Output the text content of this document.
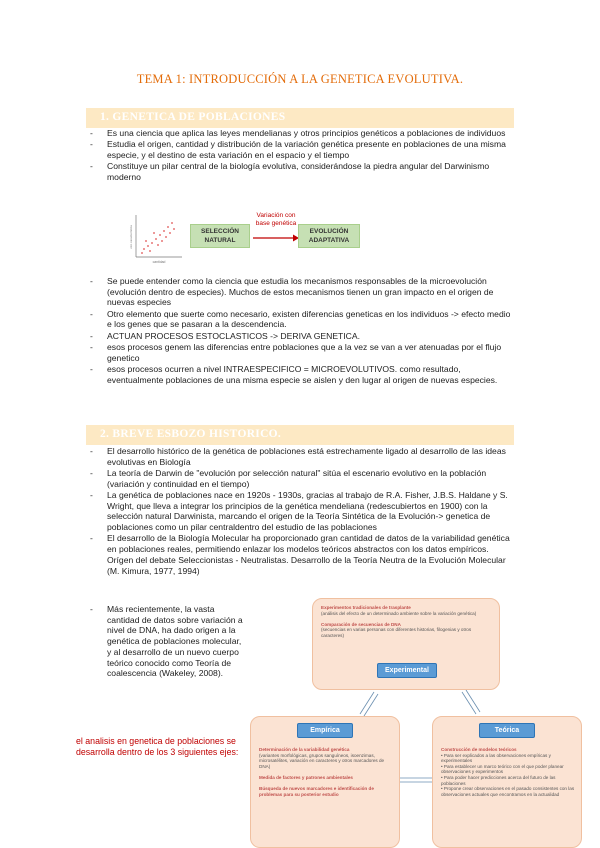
TEMA 1: INTRODUCCIÓN A LA GENETICA EVOLUTIVA.
1. GENETICA DE POBLACIONES
- Es una ciencia que aplica las leyes mendelianas y otros principios genéticos a poblaciones de individuos
- Estudia el origen, cantidad y distribución de la variación genética presente en poblaciones de una misma especie, y el destino de esta variación en el espacio y el tiempo
- Constituye un pilar central de la biología evolutiva, considerándose la piedra angular del Darwinismo moderno
otro característica
cantidad
SELECCIÓN
NATURAL
Variación con base genética
EVOLUCIÓN
ADAPTATIVA
- Se puede entender como la ciencia que estudia los mecanismos responsables de la microevolución (evolución dentro de especies). Muchos de estos mecanismos tienen un gran impacto en el origen de nuevas especies
- Otro elemento que suerte como necesario, existen diferencias geneticas en los individuos -> efecto medio e los genes que se pasaran a la descendencia.
- ACTUAN PROCESOS ESTOCLASTICOS -> DERIVA GENETICA.
- esos procesos genem las diferencias entre poblaciones que a la vez se van a ver atenuadas por el flujo genetico
- esos procesos ocurren a nivel INTRAESPECIFICO = MICROEVOLUTIVOS. como resultado, eventualmente poblaciones de una misma especie se aislen y den lugar al origen de nuevas especies.
2. BREVE ESBOZO HISTORICO.
- El desarrollo histórico de la genética de poblaciones está estrechamente ligado al desarrollo de las ideas evolutivas en Biología
- La teoría de Darwin de "evolución por selección natural" sitúa el escenario evolutivo en la población (variación y continuidad en el tiempo)
- La genética de poblaciones nace en 1920s - 1930s, gracias al trabajo de R.A. Fisher, J.B.S. Haldane y S. Wright, que lleva a integrar los principios de la genética mendeliana (redescubiertos en 1900) con la selección natural Darwinista, marcando el origen de la Teoría Sintética de la Evolución-> genetica de poblaciones como un pilar centraldentro del estudio de las poblaciones
- El desarrollo de la Biología Molecular ha proporcionado gran cantidad de datos de la variabilidad genética en poblaciones reales, permitiendo enlazar los modelos teóricos abstractos con los datos empíricos. Orígen del debate Seleccionistas - Neutralistas. Desarrollo de la Teoría Neutra de la Evolución Molecular (M. Kimura, 1977, 1994)
- Más recientemente, la vasta cantidad de datos sobre variación a nivel de DNA, ha dado origen a la genética de poblaciones molecular, y al desarrollo de un nuevo cuerpo teórico conocido como Teoría de coalescencia (Wakeley, 2008).
el analisis en genetica de poblaciones se desarrolla dentro de los 3 siguientes ejes:
Experimentos tradicionales de trasplante
(análisis del efecto de un determinado ambiente sobre la variación genética)

Comparación de secuencias de DNA
(secuencias en varias personas con diferentes historias, filogenias y otros caracteres)
Experimental
Empírica
Determinación de la variabilidad genética
(variantes morfológicas, grupos sanguíneos, isoenzimas, microsatélites, variación en caracteres y otros marcadores de DNA)

Medida de factores y patrones ambientales

Búsqueda de nuevos marcadores e identificación de problemas para su posterior estudio
Teórica
Construcción de modelos teóricos
• Para ser explicados a las observaciones empíricas y experimentales
• Para establecer un marco teórico con el que poder planear observaciones y experimentos
• Para poder hacer predicciones acerca del futuro de las poblaciones
• Propone crear observaciones en el pasado consistentes con las observaciones actuales que encontramos en la actualidad
